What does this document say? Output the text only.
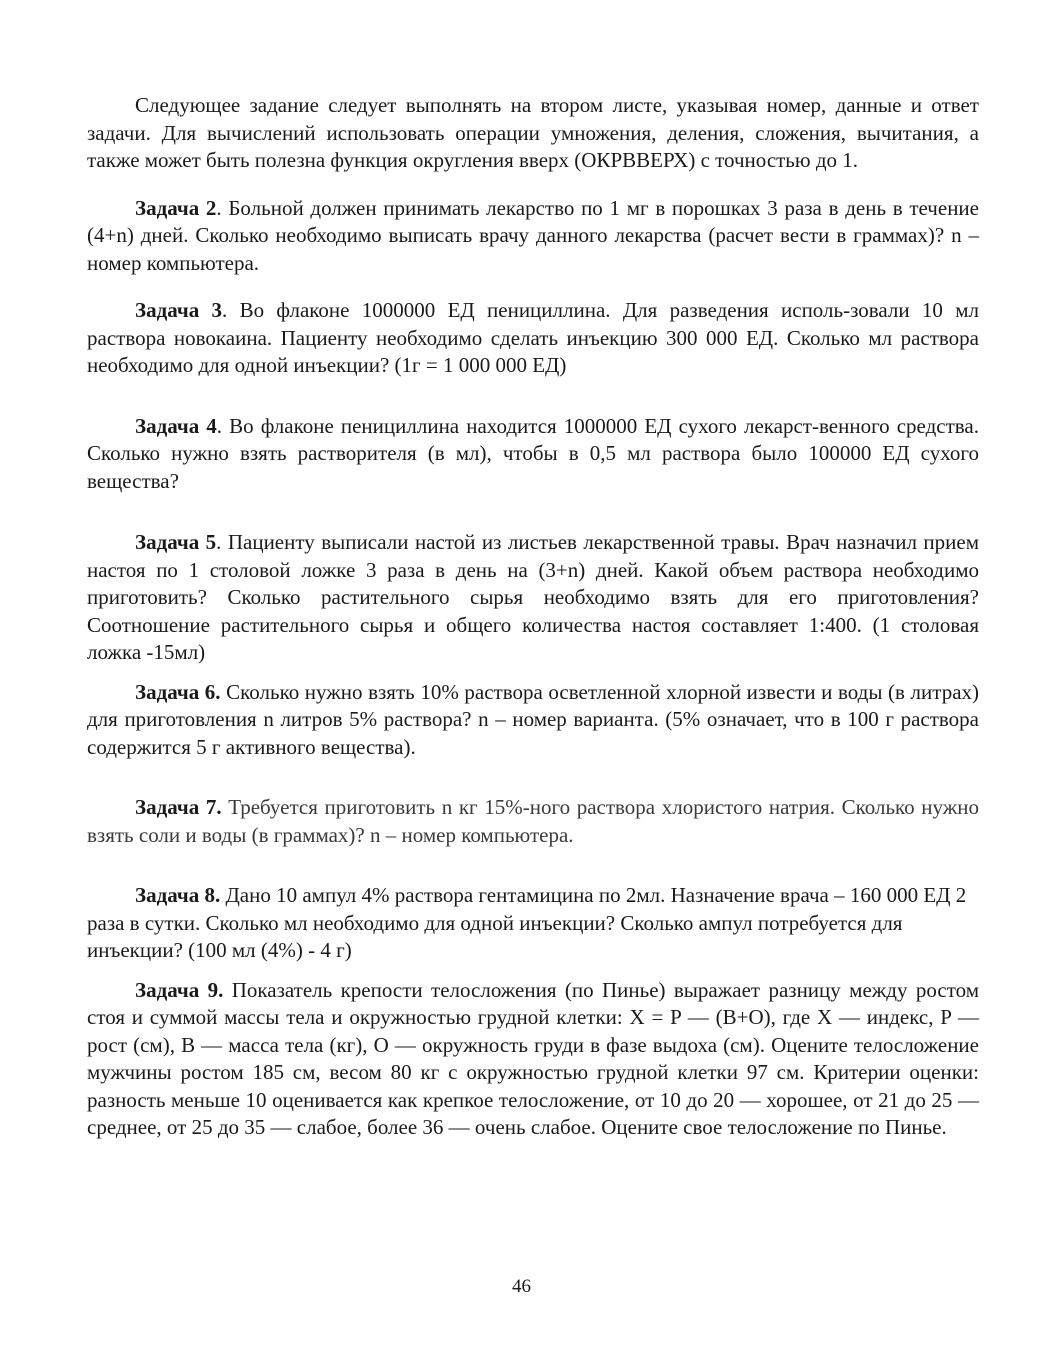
Следующее задание следует выполнять на втором листе, указывая номер, данные и ответ задачи. Для вычислений использовать операции умножения, деления, сложения, вычитания, а также может быть полезна функция округления вверх (ОКРВВЕРХ) с точностью до 1.

Задача 2. Больной должен принимать лекарство по 1 мг в порошках 3 раза в день в течение (4+n) дней. Сколько необходимо выписать врачу данного лекарства (расчет вести в граммах)? n – номер компьютера.

Задача 3. Во флаконе 1000000 ЕД пенициллина. Для разведения исполь-зовали 10 мл раствора новокаина. Пациенту необходимо сделать инъекцию 300 000 ЕД. Сколько мл раствора необходимо для одной инъекции? (1г = 1 000 000 ЕД)

Задача 4. Во флаконе пенициллина находится 1000000 ЕД сухого лекарст-венного средства. Сколько нужно взять растворителя (в мл), чтобы в 0,5 мл раствора было 100000 ЕД сухого вещества?

Задача 5. Пациенту выписали настой из листьев лекарственной травы. Врач назначил прием настоя по 1 столовой ложке 3 раза в день на (3+n) дней. Какой объем раствора необходимо приготовить? Сколько растительного сырья необходимо взять для его приготовления? Соотношение растительного сырья и общего количества настоя составляет 1:400. (1 столовая ложка -15мл)

Задача 6. Сколько нужно взять 10% раствора осветленной хлорной извести и воды (в литрах) для приготовления n литров 5% раствора? n – номер варианта. (5% означает, что в 100 г раствора содержится 5 г активного вещества).

Задача 7. Требуется приготовить n кг 15%-ного раствора хлористого натрия. Сколько нужно взять соли и воды (в граммах)? n – номер компьютера.

Задача 8. Дано 10 ампул 4% раствора гентамицина по 2мл. Назначение врача – 160 000 ЕД 2 раза в сутки. Сколько мл необходимо для одной инъекции? Сколько ампул потребуется для инъекции? (100 мл (4%) - 4 г)

Задача 9. Показатель крепости телосложения (по Пинье) выражает разницу между ростом стоя и суммой массы тела и окружностью грудной клетки: X = P — (B+O), где X — индекс, P — рост (см), B — масса тела (кг), O — окружность груди в фазе выдоха (см). Оцените телосложение мужчины ростом 185 см, весом 80 кг с окружностью грудной клетки 97 см. Критерии оценки: разность меньше 10 оценивается как крепкое телосложение, от 10 до 20 — хорошее, от 21 до 25 — среднее, от 25 до 35 — слабое, более 36 — очень слабое. Оцените свое телосложение по Пинье.

46
